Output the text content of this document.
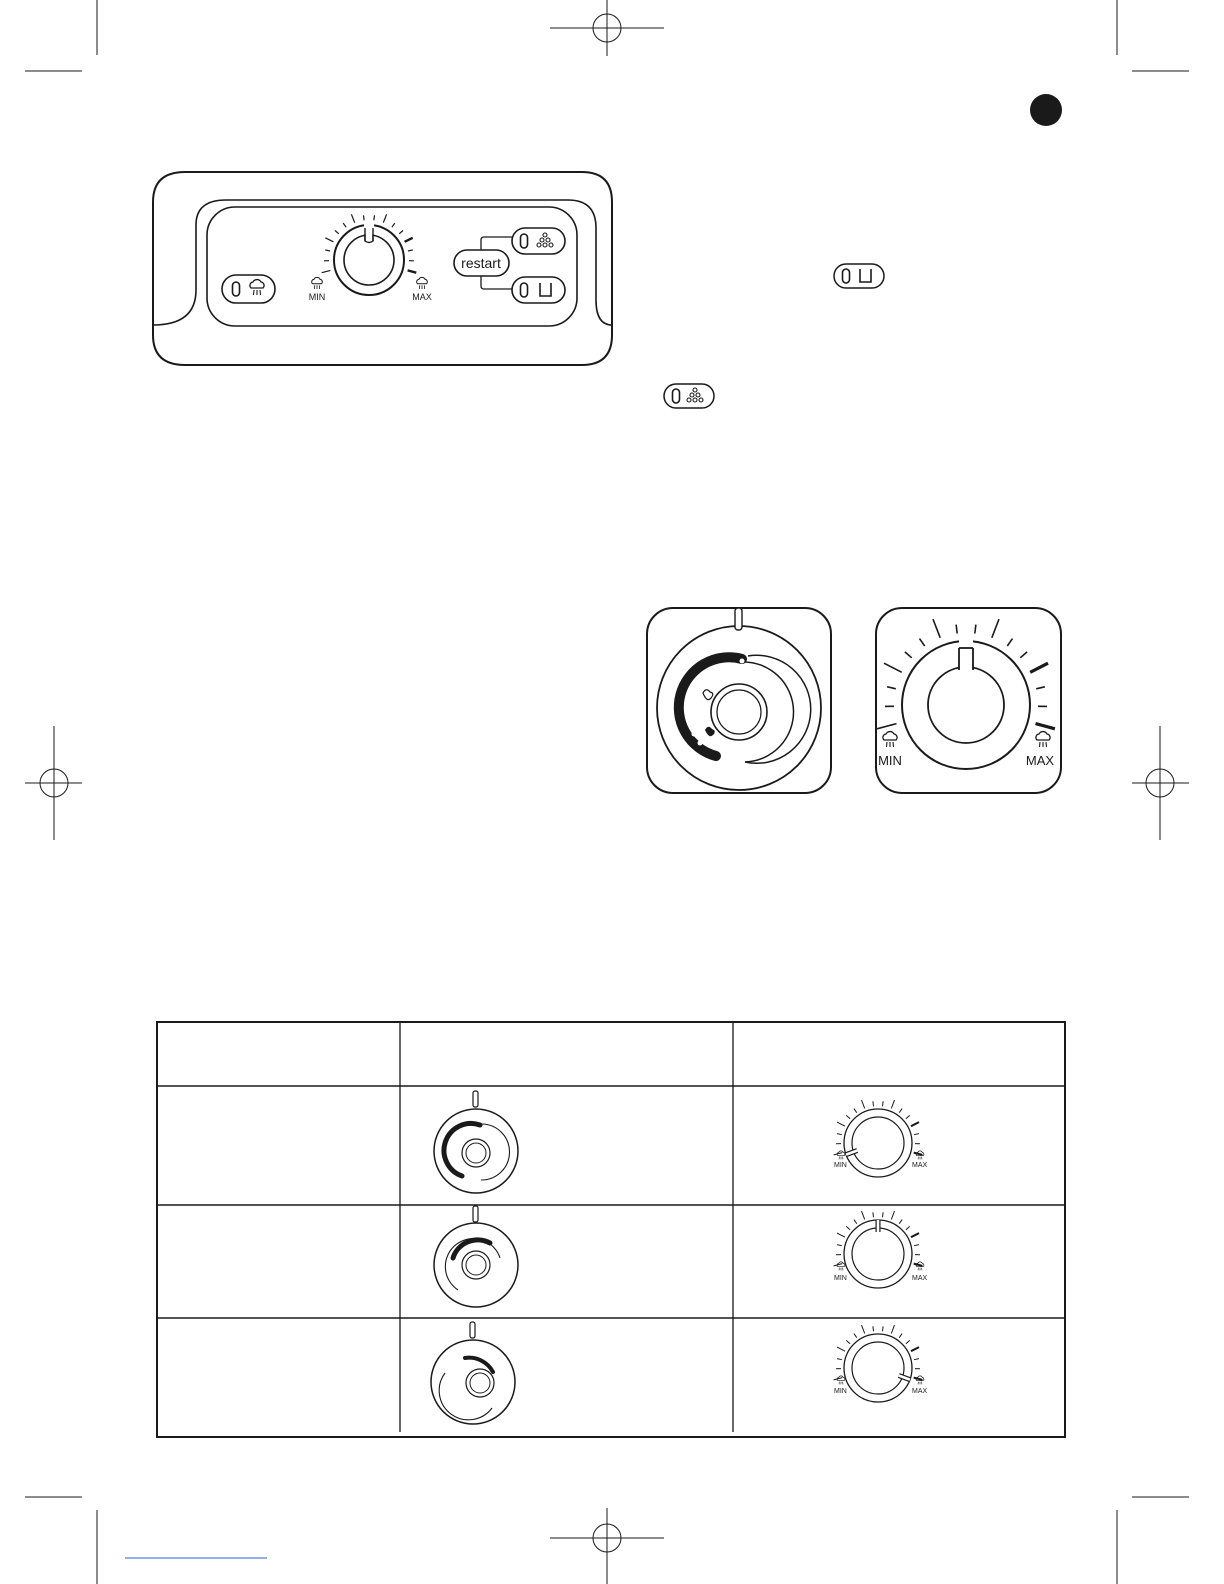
MIN	MAX
restart
MIN	MAX
MIN	MAX
MIN	MAX
MIN	MAX
